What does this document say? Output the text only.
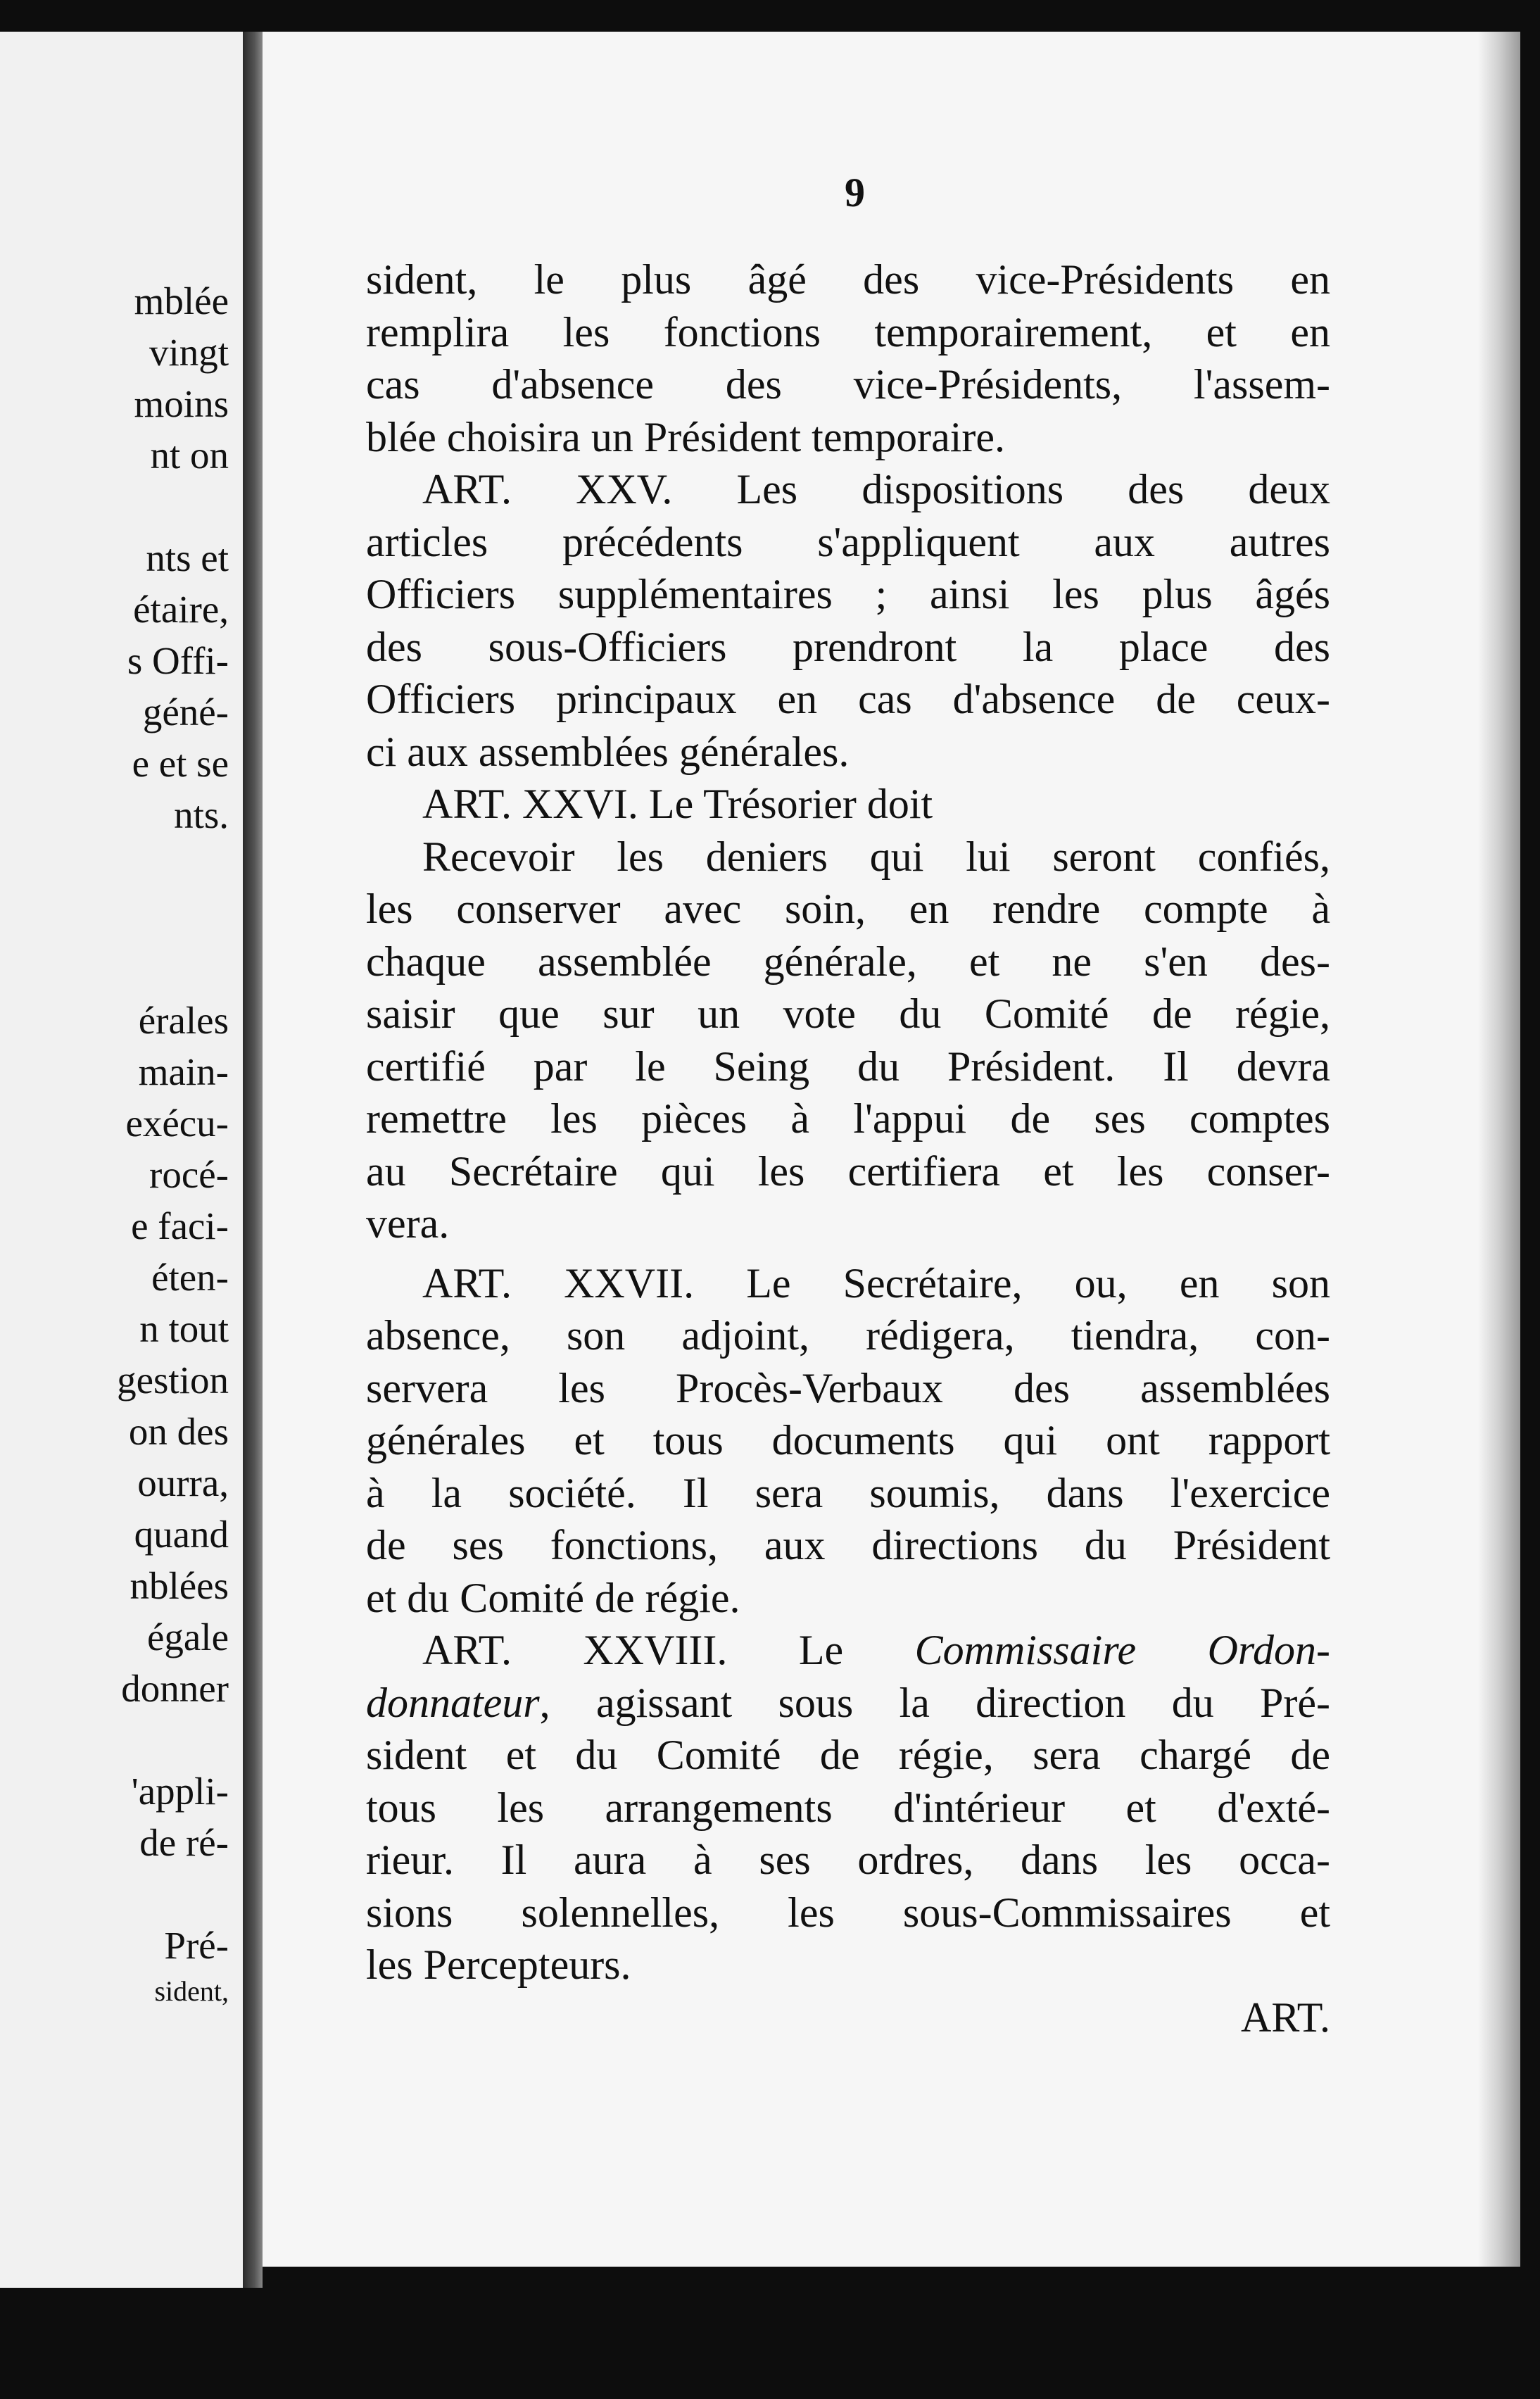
mblée
vingt
moins
nt on
nts et
étaire,
s Offi-
géné-
e et se
nts.
érales
main-
exécu-
rocé-
e faci-
éten-
n tout
gestion
on des
ourra,
quand
nblées
égale
donner
'appli-
de ré-
Pré-
sident,
9
sident, le plus âgé des vice-Présidents en
remplira les fonctions temporairement, et en
cas d'absence des vice-Présidents, l'assem-
blée choisira un Président temporaire.
ART. XXV. Les dispositions des deux
articles précédents s'appliquent aux autres
Officiers supplémentaires ; ainsi les plus âgés
des sous-Officiers prendront la place des
Officiers principaux en cas d'absence de ceux-
ci aux assemblées générales.
ART. XXVI. Le Trésorier doit
Recevoir les deniers qui lui seront confiés,
les conserver avec soin, en rendre compte à
chaque assemblée générale, et ne s'en des-
saisir que sur un vote du Comité de régie,
certifié par le Seing du Président. Il devra
remettre les pièces à l'appui de ses comptes
au Secrétaire qui les certifiera et les conser-
vera.
ART. XXVII. Le Secrétaire, ou, en son
absence, son adjoint, rédigera, tiendra, con-
servera les Procès-Verbaux des assemblées
générales et tous documents qui ont rapport
à la société. Il sera soumis, dans l'exercice
de ses fonctions, aux directions du Président
et du Comité de régie.
ART. XXVIII. Le Commissaire Ordon-
donnateur, agissant sous la direction du Pré-
sident et du Comité de régie, sera chargé de
tous les arrangements d'intérieur et d'exté-
rieur. Il aura à ses ordres, dans les occa-
sions solennelles, les sous-Commissaires et
les Percepteurs.
ART.
